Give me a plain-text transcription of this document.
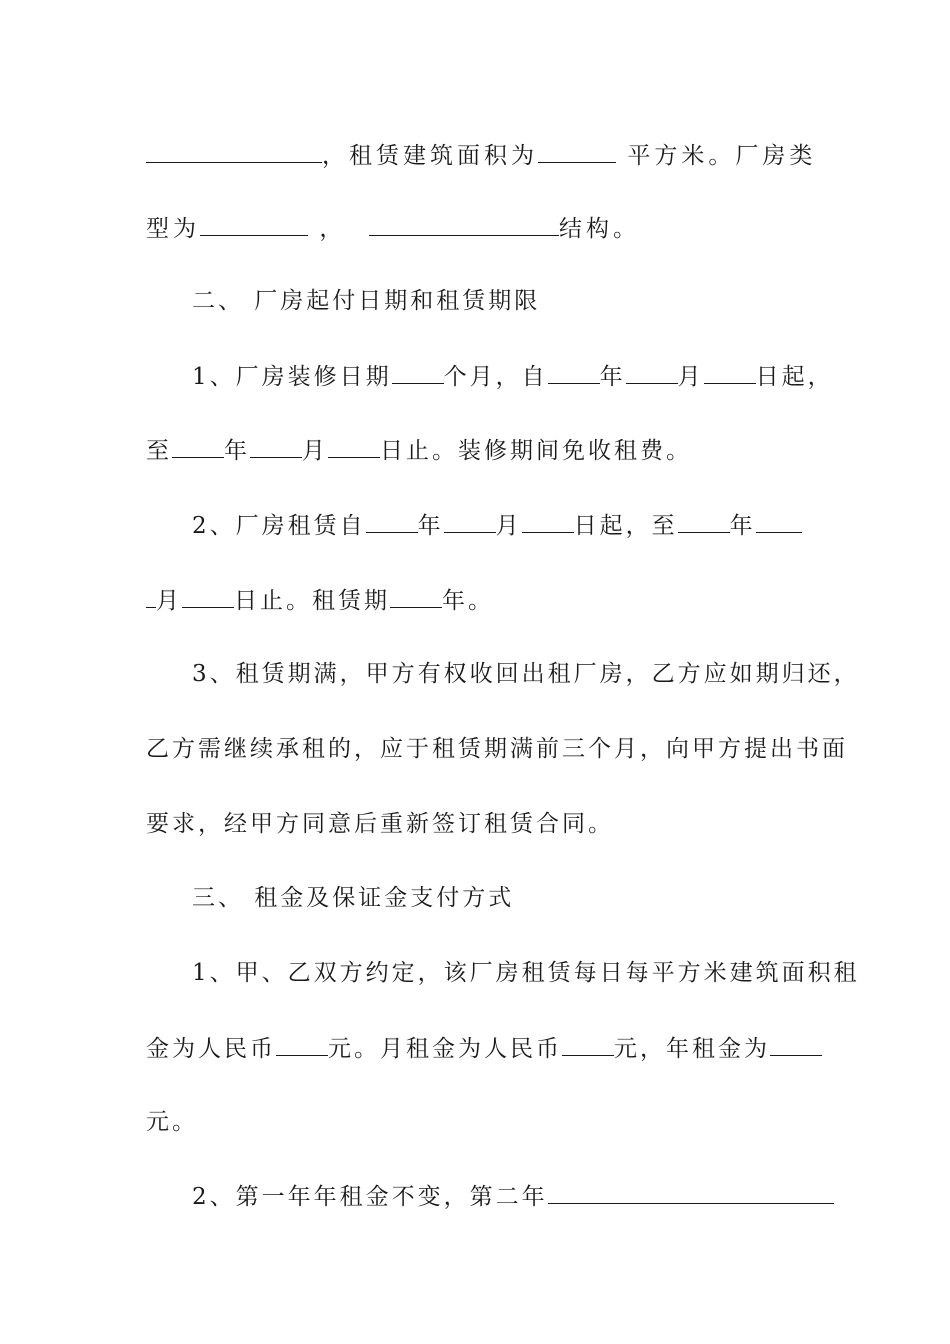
，租赁建筑面积为	平方米。厂房类
型为	，	结构。
二、 厂房起付日期和租赁期限
1、厂房装修日期 个月，自 年 月 日起，
至 年 月 日止。装修期间免收租费。
2、厂房租赁自 年 月 日起，至 年
月 日止。租赁期 年。
3、租赁期满，甲方有权收回出租厂房，乙方应如期归还，
乙方需继续承租的，应于租赁期满前三个月，向甲方提出书面
要求，经甲方同意后重新签订租赁合同。
三、 租金及保证金支付方式
1、甲、乙双方约定，该厂房租赁每日每平方米建筑面积租
金为人民币 元。月租金为人民币 元，年租金为
元。
2、第一年年租金不变，第二年
